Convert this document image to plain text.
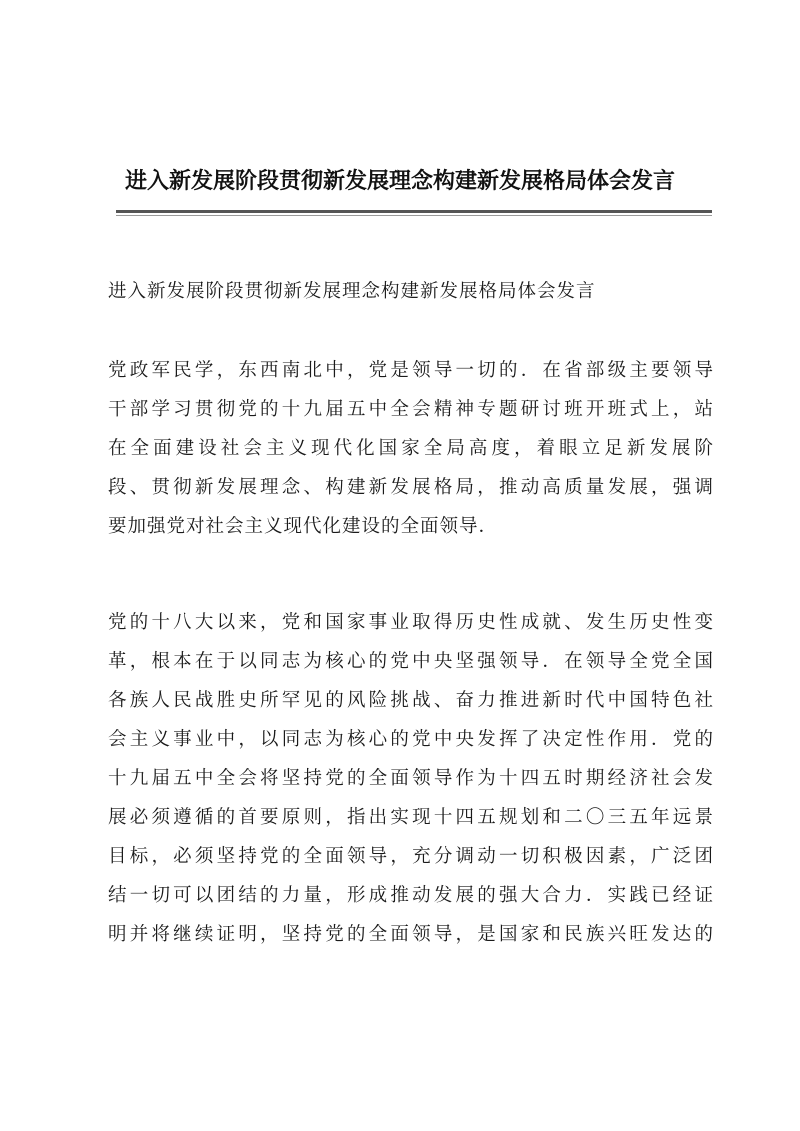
进入新发展阶段贯彻新发展理念构建新发展格局体会发言
进入新发展阶段贯彻新发展理念构建新发展格局体会发言
党政军民学，东西南北中，党是领导一切的．在省部级主要领导
干部学习贯彻党的十九届五中全会精神专题研讨班开班式上，站
在全面建设社会主义现代化国家全局高度，着眼立足新发展阶
段、贯彻新发展理念、构建新发展格局，推动高质量发展，强调
要加强党对社会主义现代化建设的全面领导．
党的十八大以来，党和国家事业取得历史性成就、发生历史性变
革，根本在于以同志为核心的党中央坚强领导．在领导全党全国
各族人民战胜史所罕见的风险挑战、奋力推进新时代中国特色社
会主义事业中，以同志为核心的党中央发挥了决定性作用．党的
十九届五中全会将坚持党的全面领导作为十四五时期经济社会发
展必须遵循的首要原则，指出实现十四五规划和二〇三五年远景
目标，必须坚持党的全面领导，充分调动一切积极因素，广泛团
结一切可以团结的力量，形成推动发展的强大合力．实践已经证
明并将继续证明，坚持党的全面领导，是国家和民族兴旺发达的
